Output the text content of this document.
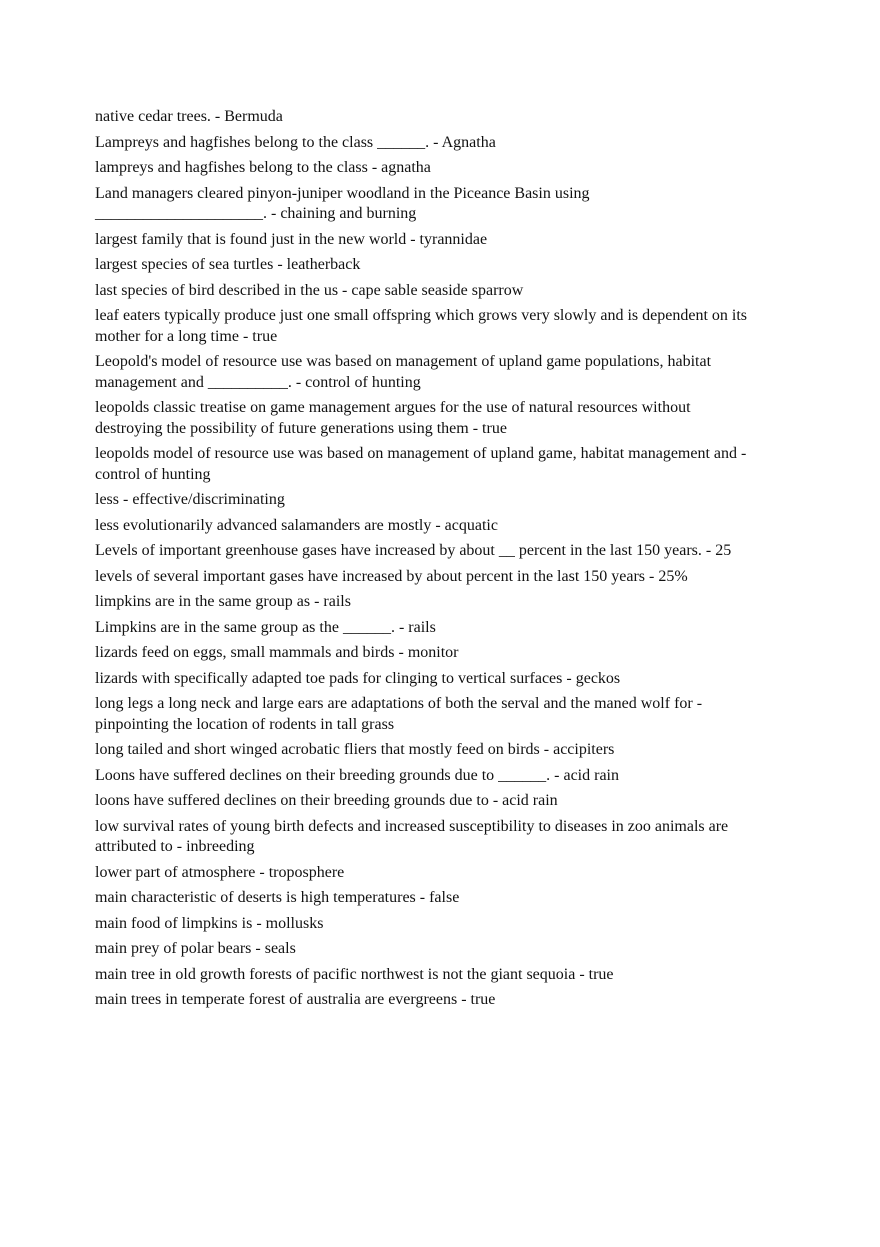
native cedar trees. - Bermuda

Lampreys and hagfishes belong to the class ______. - Agnatha

lampreys and hagfishes belong to the class - agnatha

Land managers cleared pinyon-juniper woodland in the Piceance Basin using _____________________. - chaining and burning

largest family that is found just in the new world - tyrannidae

largest species of sea turtles - leatherback

last species of bird described in the us - cape sable seaside sparrow

leaf eaters typically produce just one small offspring which grows very slowly and is dependent on its mother for a long time - true

Leopold's model of resource use was based on management of upland game populations, habitat management and __________. - control of hunting

leopolds classic treatise on game management argues for the use of natural resources without destroying the possibility of future generations using them - true

leopolds model of resource use was based on management of upland game, habitat management and - control of hunting

less - effective/discriminating

less evolutionarily advanced salamanders are mostly - acquatic

Levels of important greenhouse gases have increased by about __ percent in the last 150 years. - 25

levels of several important gases have increased by about percent in the last 150 years - 25%

limpkins are in the same group as - rails

Limpkins are in the same group as the ______. - rails

lizards feed on eggs, small mammals and birds - monitor

lizards with specifically adapted toe pads for clinging to vertical surfaces - geckos

long legs a long neck and large ears are adaptations of both the serval and the maned wolf for - pinpointing the location of rodents in tall grass

long tailed and short winged acrobatic fliers that mostly feed on birds - accipiters

Loons have suffered declines on their breeding grounds due to ______. - acid rain

loons have suffered declines on their breeding grounds due to - acid rain

low survival rates of young birth defects and increased susceptibility to diseases in zoo animals are attributed to - inbreeding

lower part of atmosphere - troposphere

main characteristic of deserts is high temperatures - false

main food of limpkins is - mollusks

main prey of polar bears - seals

main tree in old growth forests of pacific northwest is not the giant sequoia - true

main trees in temperate forest of australia are evergreens - true
